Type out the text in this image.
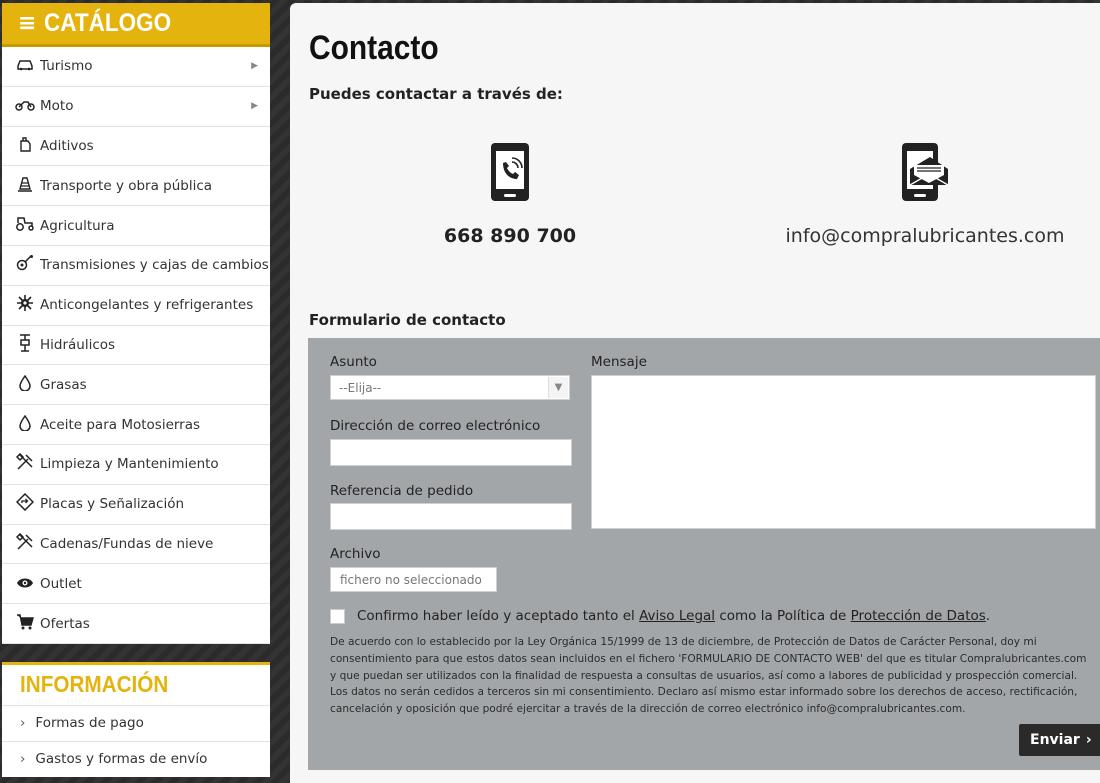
≡ CATÁLOGO
Turismo	▶
Moto	▶
Aditivos
Transporte y obra pública
Agricultura
Transmisiones y cajas de cambios
Anticongelantes y refrigerantes
Hidráulicos
Grasas
Aceite para Motosierras
Limpieza y Mantenimiento
Placas y Señalización
Cadenas/Fundas de nieve
Outlet
Ofertas
INFORMACIÓN
› Formas de pago
› Gastos y formas de envío
Contacto
Puedes contactar a través de:
668 890 700	info@compralubricantes.com
Formulario de contacto
Asunto
--Elija--	▼
Dirección de correo electrónico
Referencia de pedido
Mensaje
Archivo
fichero no seleccionado
Confirmo haber leído y aceptado tanto el Aviso Legal como la Política de Protección de Datos.
De acuerdo con lo establecido por la Ley Orgánica 15/1999 de 13 de diciembre, de Protección de Datos de Carácter Personal, doy mi consentimiento para que estos datos sean incluidos en el fichero 'FORMULARIO DE CONTACTO WEB' del que es titular Compralubricantes.com y que puedan ser utilizados con la finalidad de respuesta a consultas de usuarios, así como a labores de publicidad y prospección comercial. Los datos no serán cedidos a terceros sin mi consentimiento. Declaro así mismo estar informado sobre los derechos de acceso, rectificación, cancelación y oposición que podré ejercitar a través de la dirección de correo electrónico info@compralubricantes.com.
Enviar ›
